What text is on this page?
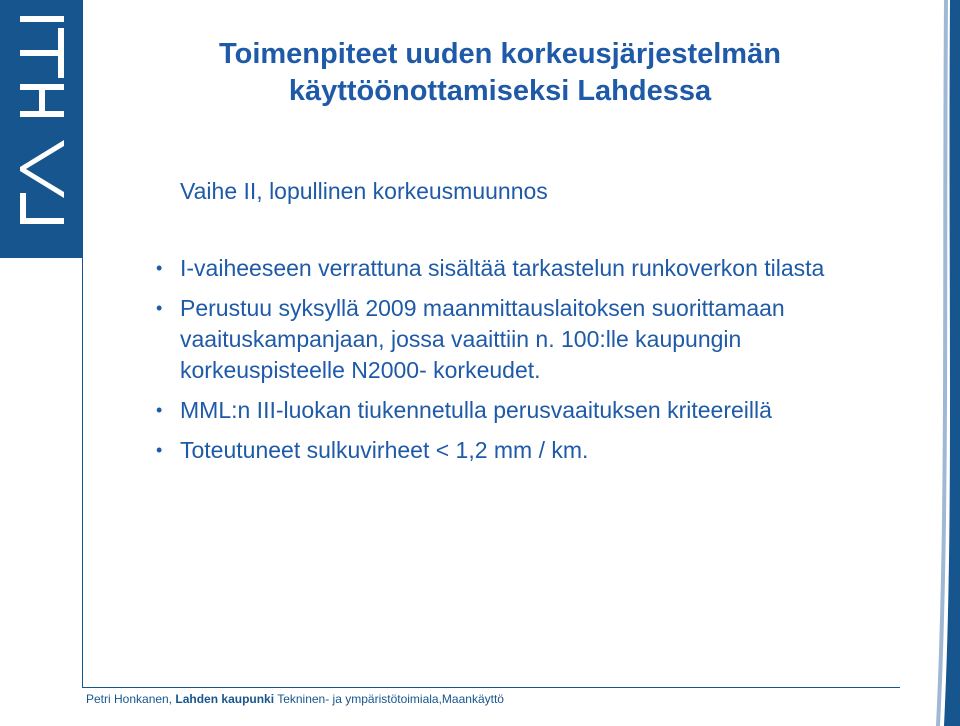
Toimenpiteet uuden korkeusjärjestelmän
käyttöönottamiseksi Lahdessa

Vaihe II, lopullinen korkeusmuunnos

• I-vaiheeseen verrattuna sisältää tarkastelun runkoverkon tilasta
• Perustuu syksyllä 2009 maanmittauslaitoksen suorittamaan vaaituskampanjaan, jossa vaaittiin n. 100:lle kaupungin korkeuspisteelle N2000- korkeudet.
• MML:n III-luokan tiukennetulla perusvaaituksen kriteereillä
• Toteutuneet sulkuvirheet < 1,2 mm / km.
Petri Honkanen, Lahden kaupunki Tekninen- ja ympäristötoimiala,Maankäyttö
